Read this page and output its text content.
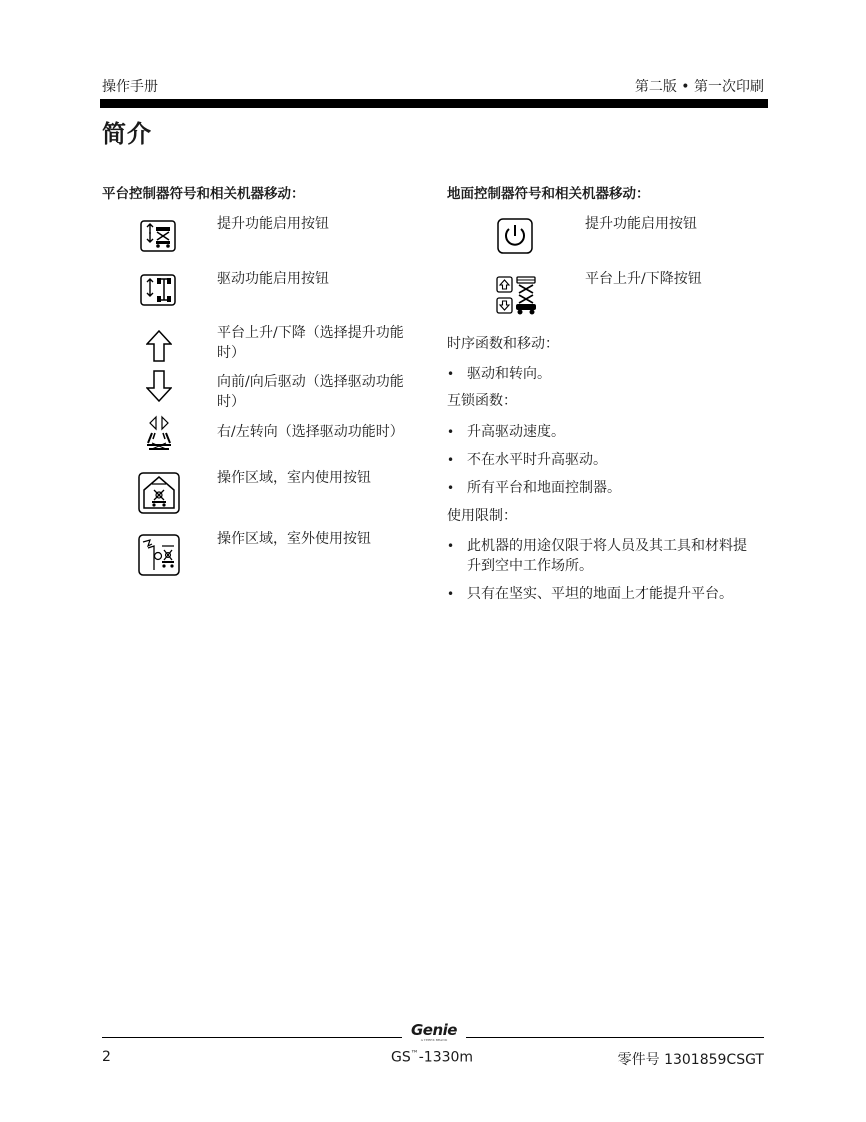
操作手册	第二版 • 第一次印刷
简介
平台控制器符号和相关机器移动：
提升功能启用按钮
驱动功能启用按钮
平台上升/下降（选择提升功能
时）
向前/向后驱动（选择驱动功能
时）
右/左转向（选择驱动功能时）
操作区域，室内使用按钮
操作区域，室外使用按钮
地面控制器符号和相关机器移动：
提升功能启用按钮
平台上升/下降按钮
时序函数和移动：
• 驱动和转向。
互锁函数：
• 升高驱动速度。
• 不在水平时升高驱动。
• 所有平台和地面控制器。
使用限制：
• 此机器的用途仅限于将人员及其工具和材料提
升到空中工作场所。
• 只有在坚实、平坦的地面上才能提升平台。
Genie
A TEREX BRAND
2	GS™-1330m	零件号 1301859CSGT
